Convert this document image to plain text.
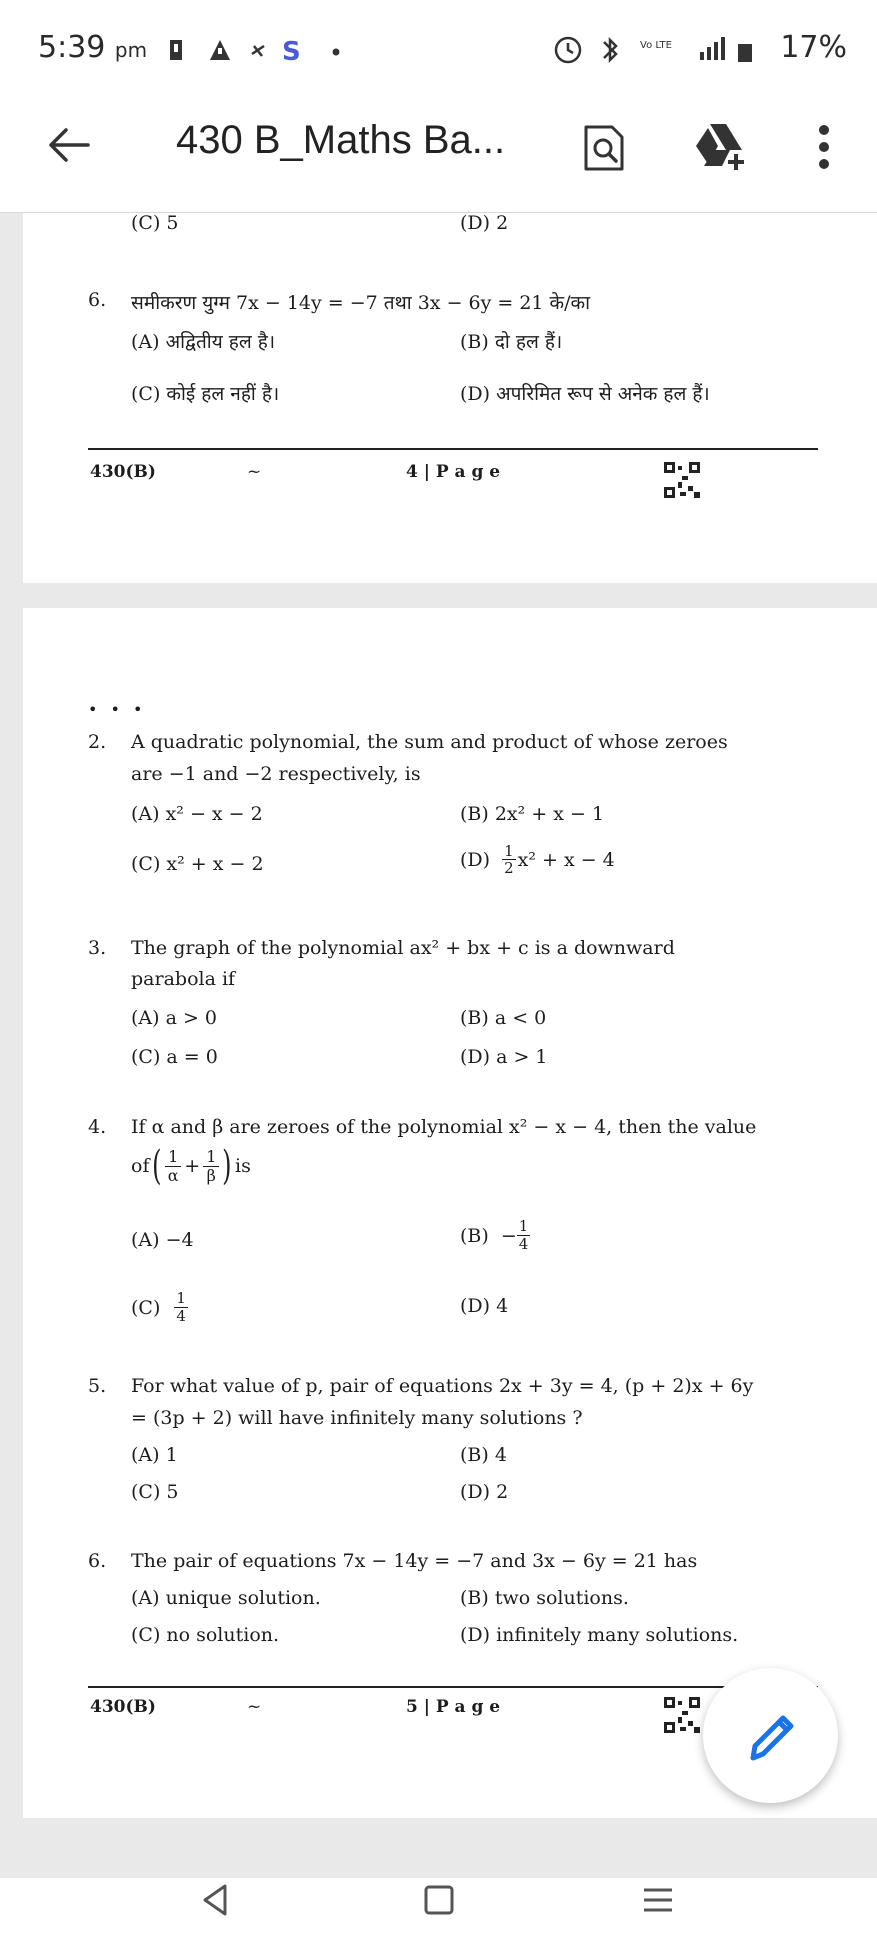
5:39 pm	S	Vo LTE	17%
430 B_Maths Ba...
(C) 5	(D) 2
6. समीकरण युग्म 7x − 14y = −7 तथा 3x − 6y = 21 के/का
(A) अद्वितीय हल है।	(B) दो हल हैं।
(C) कोई हल नहीं है।	(D) अपरिमित रूप से अनेक हल हैं।
430(B)	~	4 | P a g e
• • •
2. A quadratic polynomial, the sum and product of whose zeroes
are −1 and −2 respectively, is
(A) x² − x − 2	(B) 2x² + x − 1
(C) x² + x − 2	$(D) \frac{1}{2} x^2 + x - 4$
3. The graph of the polynomial ax² + bx + c is a downward
parabola if
(A) a > 0	(B) a < 0
(C) a = 0	(D) a > 1
4. If α and β are zeroes of the polynomial x² − x − 4, then the value
of ( $\frac{1}{\alpha} + \frac{1}{\beta}$ ) is
(A) −4	$(B) - \frac{1}{4}$
$(C) \frac{1}{4}$	(D) 4
5. For what value of p, pair of equations 2x + 3y = 4, (p + 2)x + 6y
= (3p + 2) will have infinitely many solutions ?
(A) 1	(B) 4
(C) 5	(D) 2
6. The pair of equations 7x − 14y = −7 and 3x − 6y = 21 has
(A) unique solution.	(B) two solutions.
(C) no solution.	(D) infinitely many solutions.
430(B)	~	5 | P a g e
